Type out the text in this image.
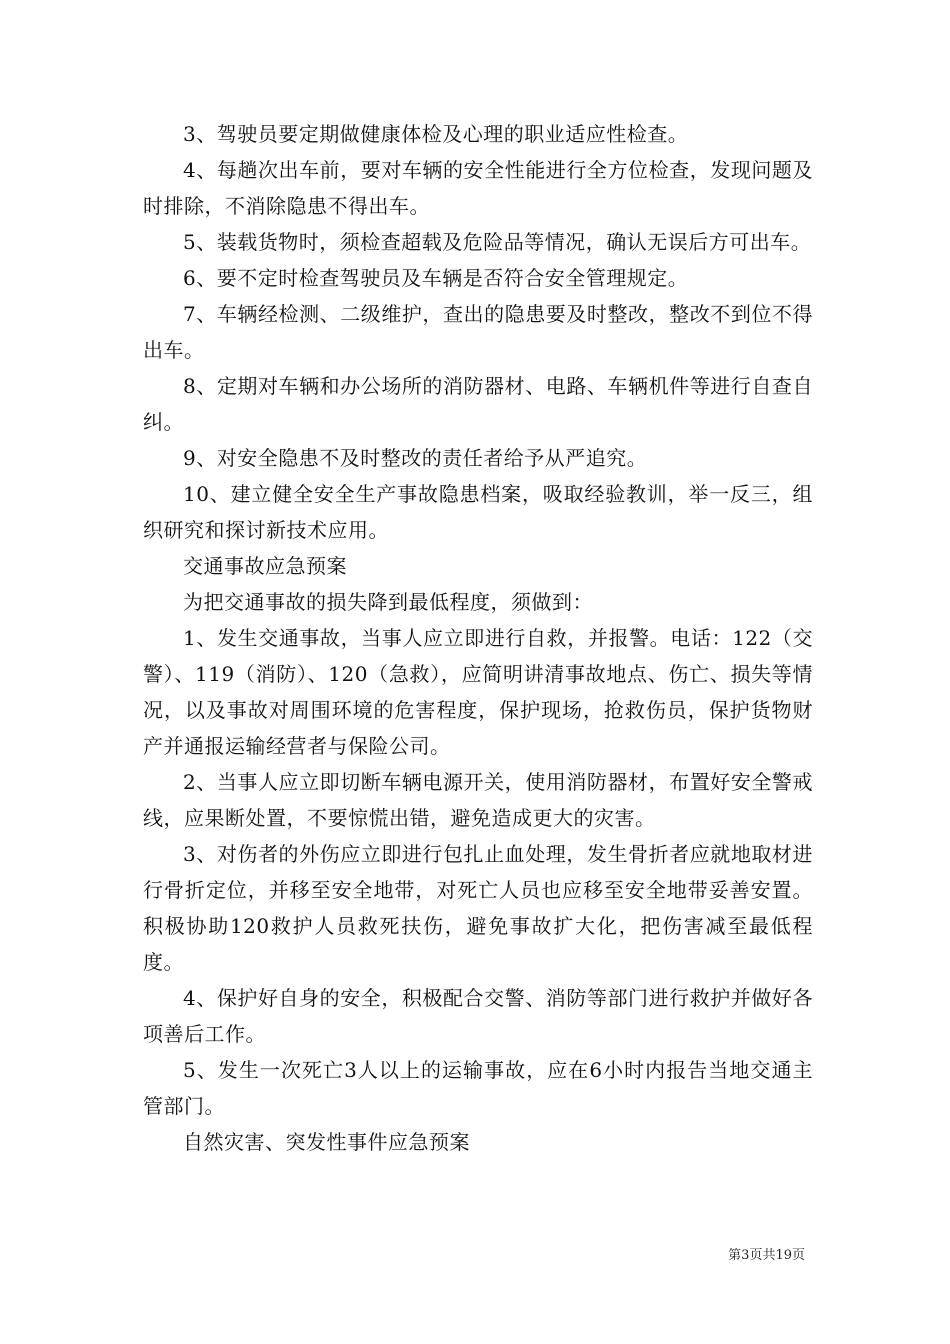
3、驾驶员要定期做健康体检及心理的职业适应性检查。

4、每趟次出车前，要对车辆的安全性能进行全方位检查，发现问题及时排除，不消除隐患不得出车。

5、装载货物时，须检查超载及危险品等情况，确认无误后方可出车。

6、要不定时检查驾驶员及车辆是否符合安全管理规定。

7、车辆经检测、二级维护，查出的隐患要及时整改，整改不到位不得出车。

8、定期对车辆和办公场所的消防器材、电路、车辆机件等进行自查自纠。

9、对安全隐患不及时整改的责任者给予从严追究。

10、建立健全安全生产事故隐患档案，吸取经验教训，举一反三，组织研究和探讨新技术应用。

交通事故应急预案

为把交通事故的损失降到最低程度，须做到：

1、发生交通事故，当事人应立即进行自救，并报警。电话：122（交警）、119（消防）、120（急救），应简明讲清事故地点、伤亡、损失等情况，以及事故对周围环境的危害程度，保护现场，抢救伤员，保护货物财产并通报运输经营者与保险公司。

2、当事人应立即切断车辆电源开关，使用消防器材，布置好安全警戒线，应果断处置，不要惊慌出错，避免造成更大的灾害。

3、对伤者的外伤应立即进行包扎止血处理，发生骨折者应就地取材进行骨折定位，并移至安全地带，对死亡人员也应移至安全地带妥善安置。积极协助120救护人员救死扶伤，避免事故扩大化，把伤害减至最低程度。

4、保护好自身的安全，积极配合交警、消防等部门进行救护并做好各项善后工作。

5、发生一次死亡3人以上的运输事故，应在6小时内报告当地交通主管部门。

自然灾害、突发性事件应急预案

第3页共19页
